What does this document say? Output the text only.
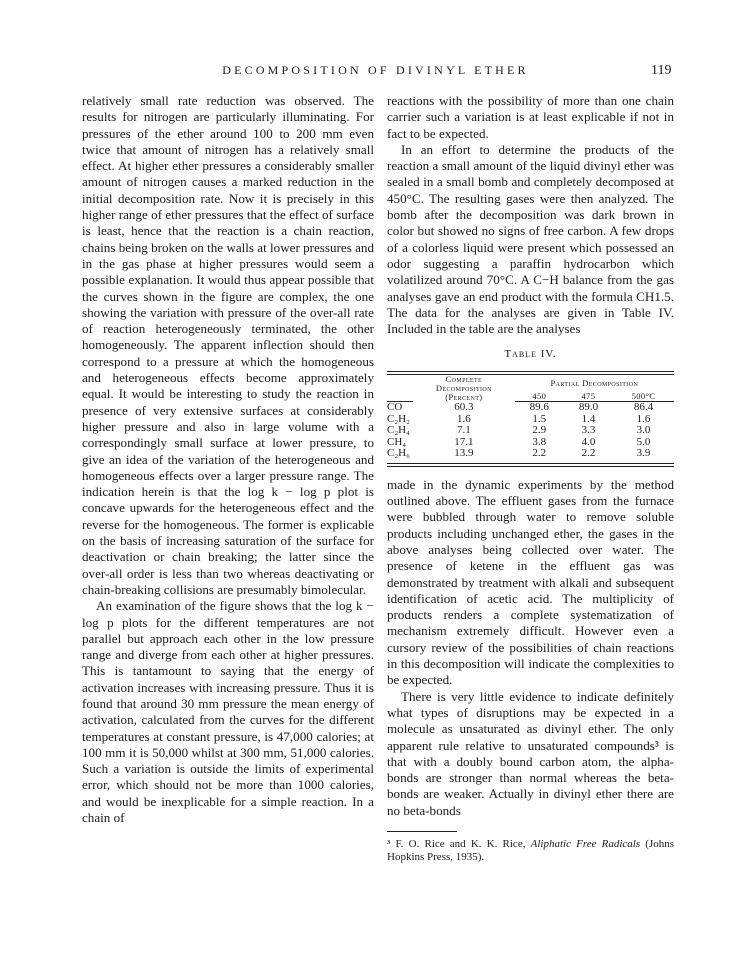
DECOMPOSITION OF DIVINYL ETHER	119

relatively small rate reduction was observed. The results for nitrogen are particularly illuminating. For pressures of the ether around 100 to 200 mm even twice that amount of nitrogen has a relatively small effect. At higher ether pressures a considerably smaller amount of nitrogen causes a marked reduction in the initial decomposition rate. Now it is precisely in this higher range of ether pressures that the effect of surface is least, hence that the reaction is a chain reaction, chains being broken on the walls at lower pressures and in the gas phase at higher pressures would seem a possible explanation. It would thus appear possible that the curves shown in the figure are complex, the one showing the variation with pressure of the over-all rate of reaction heterogeneously terminated, the other homogeneously. The apparent inflection should then correspond to a pressure at which the homogeneous and heterogeneous effects become approximately equal. It would be interesting to study the reaction in presence of very extensive surfaces at considerably higher pressure and also in large volume with a correspondingly small surface at lower pressure, to give an idea of the variation of the heterogeneous and homogeneous effects over a larger pressure range. The indication herein is that the log k − log p plot is concave upwards for the heterogeneous effect and the reverse for the homogeneous. The former is explicable on the basis of increasing saturation of the surface for deactivation or chain breaking; the latter since the over-all order is less than two whereas deactivating or chain-breaking collisions are presumably bimolecular.

An examination of the figure shows that the log k − log p plots for the different temperatures are not parallel but approach each other in the low pressure range and diverge from each other at higher pressures. This is tantamount to saying that the energy of activation increases with increasing pressure. Thus it is found that around 30 mm pressure the mean energy of activation, calculated from the curves for the different temperatures at constant pressure, is 47,000 calories; at 100 mm it is 50,000 whilst at 300 mm, 51,000 calories. Such a variation is outside the limits of experimental error, which should not be more than 1000 calories, and would be inexplicable for a simple reaction. In a chain of

reactions with the possibility of more than one chain carrier such a variation is at least explicable if not in fact to be expected.

In an effort to determine the products of the reaction a small amount of the liquid divinyl ether was sealed in a small bomb and completely decomposed at 450°C. The resulting gases were then analyzed. The bomb after the decomposition was dark brown in color but showed no signs of free carbon. A few drops of a colorless liquid were present which possessed an odor suggesting a paraffin hydrocarbon which volatilized around 70°C. A C−H balance from the gas analyses gave an end product with the formula CH1.5. The data for the analyses are given in Table IV. Included in the table are the analyses

Table IV.

	Complete
Decomposition
(Percent)	Partial Decomposition		
		450	475	500°C
CO	60.3	89.6	89.0	86.4
C₂H₂	1.6	1.5	1.4	1.6
C₂H₄	7.1	2.9	3.3	3.0
CH₄	17.1	3.8	4.0	5.0
C₂H₆	13.9	2.2	2.2	3.9

made in the dynamic experiments by the method outlined above. The effluent gases from the furnace were bubbled through water to remove soluble products including unchanged ether, the gases in the above analyses being collected over water. The presence of ketene in the effluent gas was demonstrated by treatment with alkali and subsequent identification of acetic acid. The multiplicity of products renders a complete systematization of mechanism extremely difficult. However even a cursory review of the possibilities of chain reactions in this decomposition will indicate the complexities to be expected.

There is very little evidence to indicate definitely what types of disruptions may be expected in a molecule as unsaturated as divinyl ether. The only apparent rule relative to unsaturated compounds³ is that with a doubly bound carbon atom, the alpha-bonds are stronger than normal whereas the beta-bonds are weaker. Actually in divinyl ether there are no beta-bonds

³ F. O. Rice and K. K. Rice, Aliphatic Free Radicals (Johns Hopkins Press, 1935).
